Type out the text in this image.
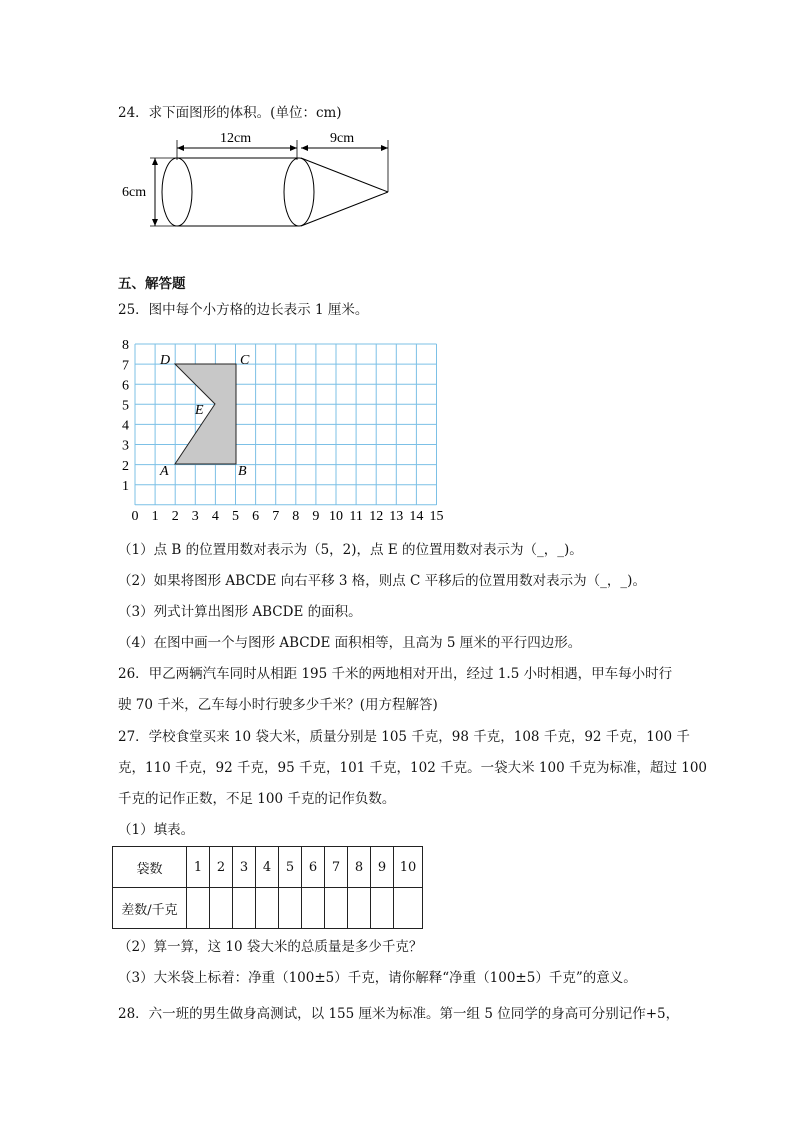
24．求下面图形的体积。(单位：cm)
12cm	9cm
6cm
五、解答题
25．图中每个小方格的边长表示 1 厘米。
D	C
E
A	B
0 1 2 3 4 5 6 7 8 9 10 11 12 13 14 15
1
2
3
4
5
6
7
8
（1）点 B 的位置用数对表示为（5，2)，点 E 的位置用数对表示为（_，_)。
（2）如果将图形 ABCDE 向右平移 3 格，则点 C 平移后的位置用数对表示为（_，_)。
（3）列式计算出图形 ABCDE 的面积。
（4）在图中画一个与图形 ABCDE 面积相等，且高为 5 厘米的平行四边形。
26．甲乙两辆汽车同时从相距 195 千米的两地相对开出，经过 1.5 小时相遇，甲车每小时行
驶 70 千米，乙车每小时行驶多少千米？(用方程解答)
27．学校食堂买来 10 袋大米，质量分别是 105 千克，98 千克，108 千克，92 千克，100 千
克，110 千克，92 千克，95 千克，101 千克，102 千克。一袋大米 100 千克为标准，超过 100
千克的记作正数，不足 100 千克的记作负数。
（1）填表。
袋数	1	2	3	4	5	6	7	8	9	10
差数/千克										
（2）算一算，这 10 袋大米的总质量是多少千克？
（3）大米袋上标着：净重（100±5）千克，请你解释“净重（100±5）千克”的意义。
28．六一班的男生做身高测试，以 155 厘米为标准。第一组 5 位同学的身高可分别记作+5，
